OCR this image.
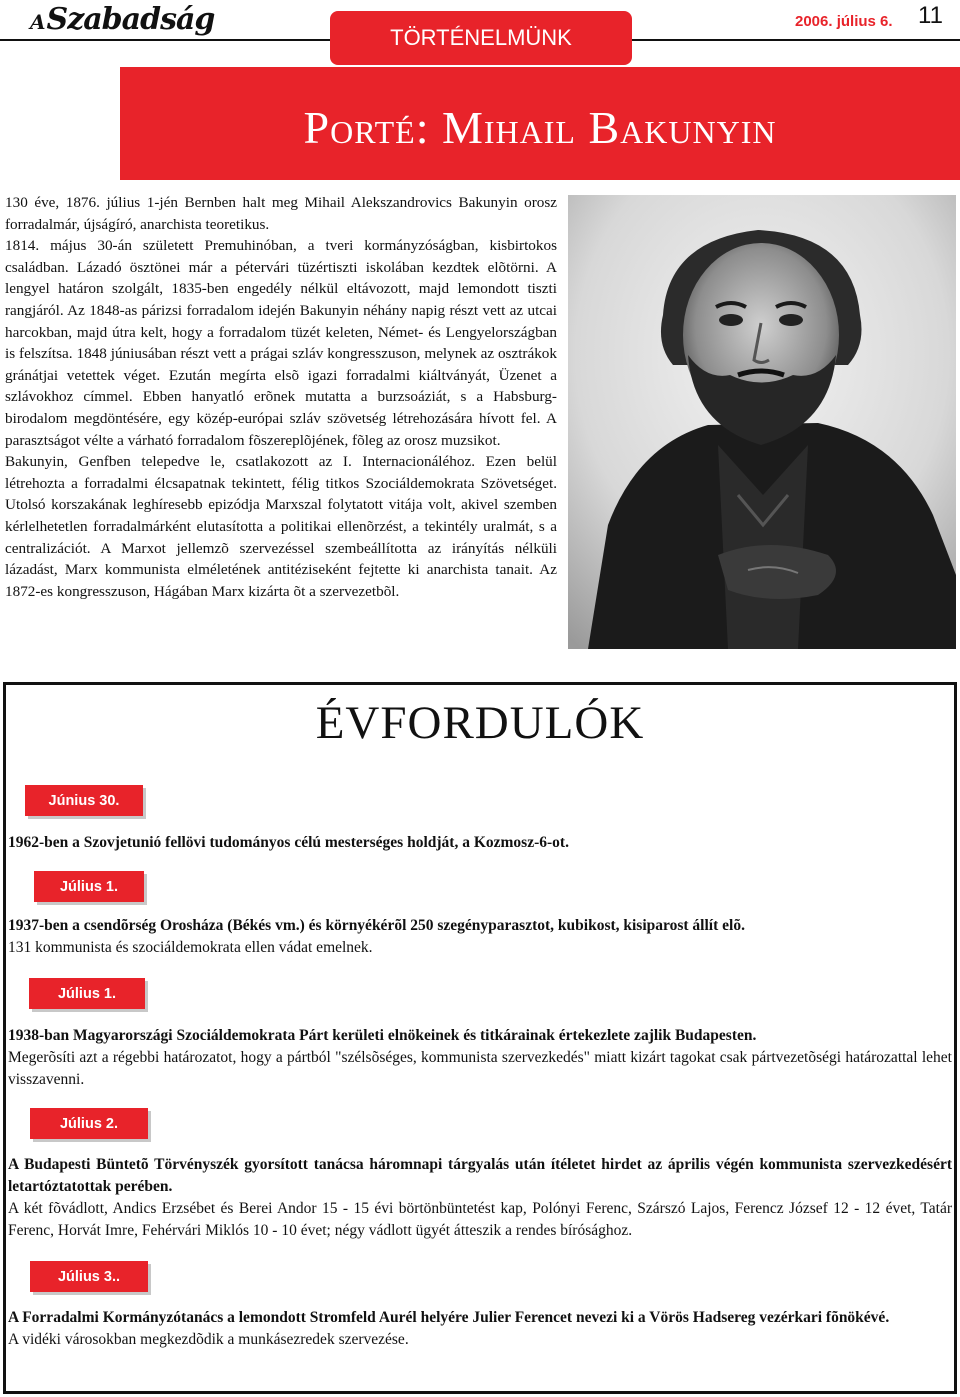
ASzabadság
TÖRTÉNELMÜNK
2006. július 6. 11
Porté: Mihail Bakunyin

130 éve, 1876. július 1-jén Bernben halt meg Mihail Alekszandrovics Bakunyin orosz forradalmár, újságíró, anarchista teoretikus.

1814. május 30-án született Premuhinóban, a tveri kormányzóságban, kisbirtokos családban. Lázadó ösztönei már a pétervári tüzértiszti iskolában kezdtek elõtörni. A lengyel határon szolgált, 1835-ben engedély nélkül eltávozott, majd lemondott tiszti rangjáról. Az 1848-as párizsi forradalom idején Bakunyin néhány napig részt vett az utcai harcokban, majd útra kelt, hogy a forradalom tüzét keleten, Német- és Lengyelországban is felszítsa. 1848 júniusában részt vett a prágai szláv kongresszuson, melynek az osztrákok gránátjai vetettek véget. Ezután megírta elsõ igazi forradalmi kiáltványát, Üzenet a szlávokhoz címmel. Ebben hanyatló erõnek mutatta a burzsoáziát, s a Habsburg-birodalom megdöntésére, egy közép-európai szláv szövetség létrehozására hívott fel. A parasztságot vélte a várható forradalom fõszereplõjének, fõleg az orosz muzsikot.

Bakunyin, Genfben telepedve le, csatlakozott az I. Internacionáléhoz. Ezen belül létrehozta a forradalmi élcsapatnak tekintett, félig titkos Szociáldemokrata Szövetséget. Utolsó korszakának leghíresebb epizódja Marxszal folytatott vitája volt, akivel szemben kérlelhetetlen forradalmárként elutasította a politikai ellenõrzést, a tekintély uralmát, s a centralizációt. A Marxot jellemzõ szervezéssel szembeállította az irányítás nélküli lázadást, Marx kommunista elméletének antitéziseként fejtette ki anarchista tanait. Az 1872-es kongresszuson, Hágában Marx kizárta õt a szervezetbõl.

ÉVFORDULÓK
Június 30.

1962-ben a Szovjetunió fellövi tudományos célú mesterséges holdját, a Kozmosz-6-ot.

Július 1.

1937-ben a csendõrség Orosháza (Békés vm.) és környékérõl 250 szegényparasztot, kubikost, kisiparost állít elõ.

131 kommunista és szociáldemokrata ellen vádat emelnek.

Július 1.

1938-ban Magyarországi Szociáldemokrata Párt kerületi elnökeinek és titkárainak értekezlete zajlik Budapesten.

Megerõsíti azt a régebbi határozatot, hogy a pártból "szélsõséges, kommunista szervezkedés" miatt kizárt tagokat csak pártvezetõségi határozattal lehet visszavenni.

Július 2.

A Budapesti Büntetõ Törvényszék gyorsított tanácsa háromnapi tárgyalás után ítéletet hirdet az április végén kommunista szervezkedésért letartóztatottak perében.

A két fõvádlott, Andics Erzsébet és Berei Andor 15 - 15 évi börtönbüntetést kap, Polónyi Ferenc, Szárszó Lajos, Ferencz József 12 - 12 évet, Tatár Ferenc, Horvát Imre, Fehérvári Miklós 10 - 10 évet; négy vádlott ügyét átteszik a rendes bírósághoz.

Július 3..

A Forradalmi Kormányzótanács a lemondott Stromfeld Aurél helyére Julier Ferencet nevezi ki a Vörös Hadsereg vezérkari fõnökévé.

A vidéki városokban megkezdõdik a munkásezredek szervezése.
